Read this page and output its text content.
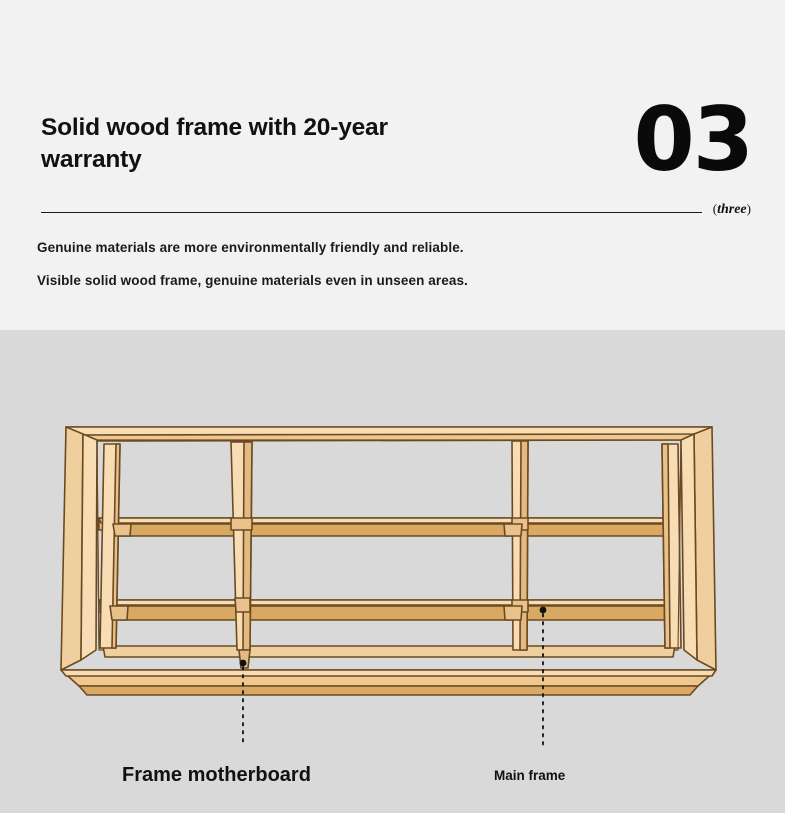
Solid wood frame with 20-year warranty	03
(three)
Genuine materials are more environmentally friendly and reliable.
Visible solid wood frame, genuine materials even in unseen areas.
Frame motherboard	Main frame
